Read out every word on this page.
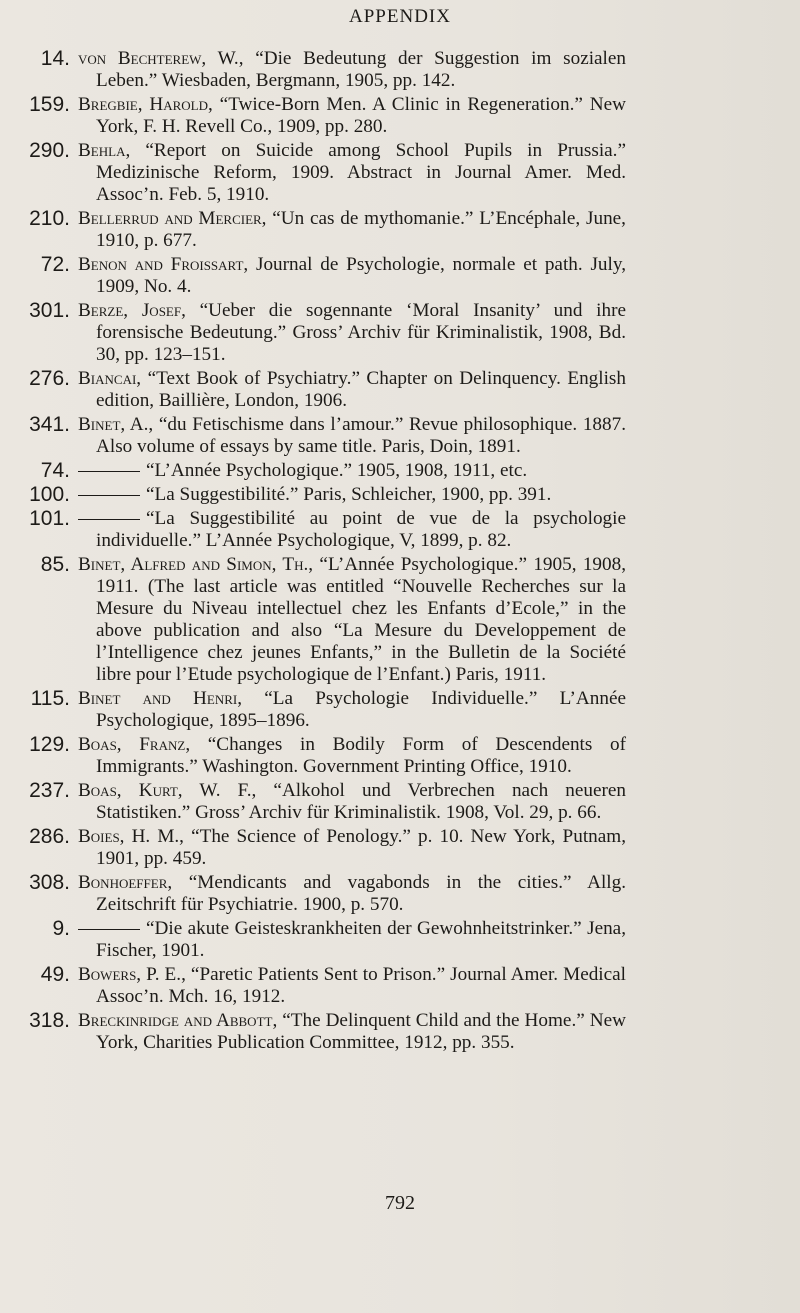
APPENDIX
14. von Bechterew, W., “Die Bedeutung der Suggestion im sozialen Leben.” Wiesbaden, Bergmann, 1905, pp. 142.
159. Bregbie, Harold, “Twice-Born Men. A Clinic in Regeneration.” New York, F. H. Revell Co., 1909, pp. 280.
290. Behla, “Report on Suicide among School Pupils in Prussia.” Medizinische Reform, 1909. Abstract in Journal Amer. Med. Assoc’n. Feb. 5, 1910.
210. Bellerrud and Mercier, “Un cas de mythomanie.” L’Encéphale, June, 1910, p. 677.
72. Benon and Froissart, Journal de Psychologie, normale et path. July, 1909, No. 4.
301. Berze, Josef, “Ueber die sogennante ‘Moral Insanity’ und ihre forensische Bedeutung.” Gross’ Archiv für Kriminalistik, 1908, Bd. 30, pp. 123–151.
276. Biancai, “Text Book of Psychiatry.” Chapter on Delinquency. English edition, Baillière, London, 1906.
341. Binet, A., “du Fetischisme dans l’amour.” Revue philosophique. 1887. Also volume of essays by same title. Paris, Doin, 1891.
74.	“L’Année Psychologique.” 1905, 1908, 1911, etc.
100.	“La Suggestibilité.” Paris, Schleicher, 1900, pp. 391.
101.	“La Suggestibilité au point de vue de la psychologie individuelle.” L’Année Psychologique, V, 1899, p. 82.
85. Binet, Alfred and Simon, Th., “L’Année Psychologique.” 1905, 1908, 1911. (The last article was entitled “Nouvelle Recherches sur la Mesure du Niveau intellectuel chez les Enfants d’Ecole,” in the above publication and also “La Mesure du Developpement de l’Intelligence chez jeunes Enfants,” in the Bulletin de la Société libre pour l’Etude psychologique de l’Enfant.) Paris, 1911.
115. Binet and Henri, “La Psychologie Individuelle.” L’Année Psychologique, 1895–1896.
129. Boas, Franz, “Changes in Bodily Form of Descendents of Immigrants.” Washington. Government Printing Office, 1910.
237. Boas, Kurt, W. F., “Alkohol und Verbrechen nach neueren Statistiken.” Gross’ Archiv für Kriminalistik. 1908, Vol. 29, p. 66.
286. Boies, H. M., “The Science of Penology.” p. 10. New York, Putnam, 1901, pp. 459.
308. Bonhoeffer, “Mendicants and vagabonds in the cities.” Allg. Zeitschrift für Psychiatrie. 1900, p. 570.
9.	“Die akute Geisteskrankheiten der Gewohnheitstrinker.” Jena, Fischer, 1901.
49. Bowers, P. E., “Paretic Patients Sent to Prison.” Journal Amer. Medical Assoc’n. Mch. 16, 1912.
318. Breckinridge and Abbott, “The Delinquent Child and the Home.” New York, Charities Publication Committee, 1912, pp. 355.
792
